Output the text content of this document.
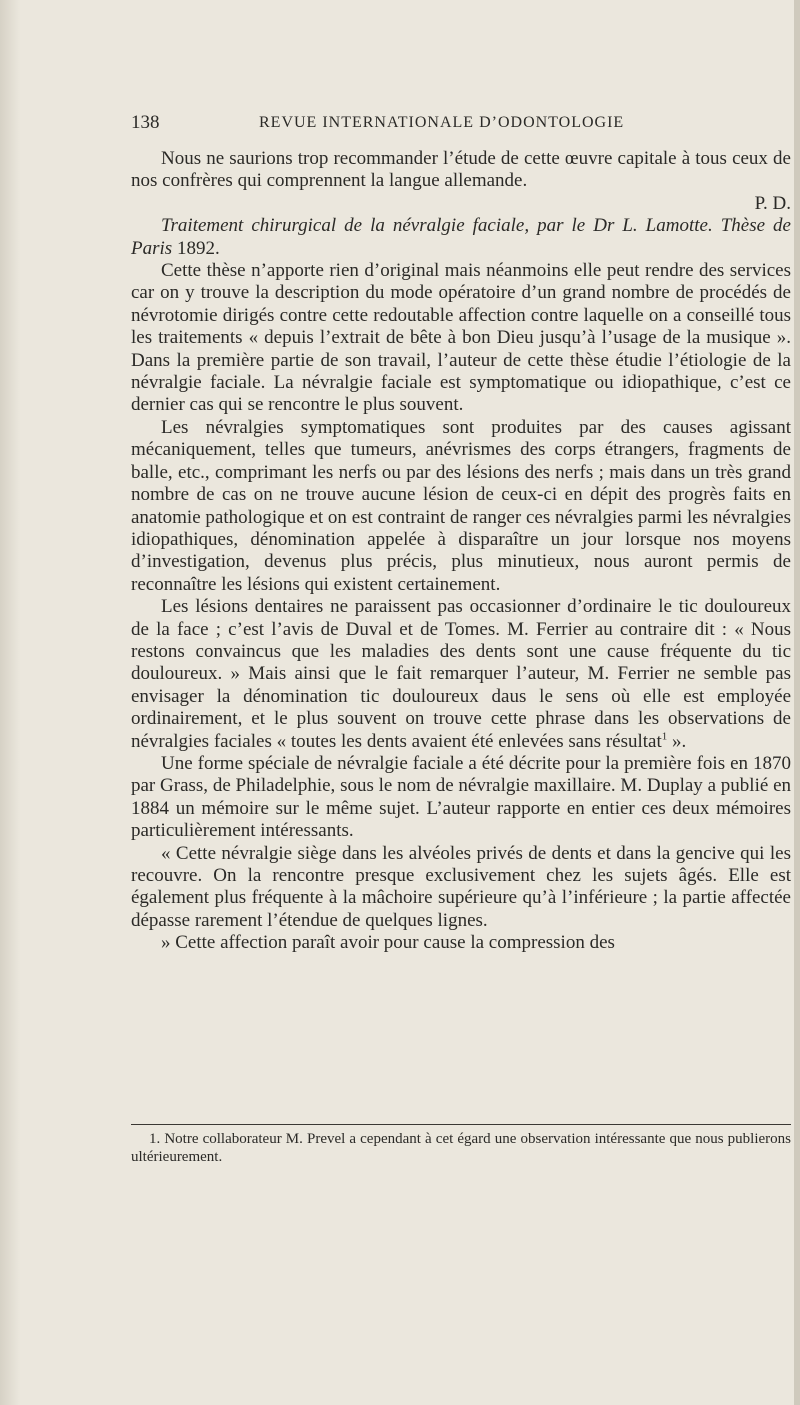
138	REVUE INTERNATIONALE D’ODONTOLOGIE

Nous ne saurions trop recommander l’étude de cette œuvre capitale à tous ceux de nos confrères qui comprennent la langue allemande.

P. D.

Traitement chirurgical de la névralgie faciale, par le Dr L. Lamotte. Thèse de Paris 1892.

Cette thèse n’apporte rien d’original mais néanmoins elle peut rendre des services car on y trouve la description du mode opératoire d’un grand nombre de procédés de névrotomie dirigés contre cette redoutable affection contre laquelle on a conseillé tous les traitements « depuis l’extrait de bête à bon Dieu jusqu’à l’usage de la musique ». Dans la première partie de son travail, l’auteur de cette thèse étudie l’étiologie de la névralgie faciale. La névralgie faciale est symptomatique ou idiopathique, c’est ce dernier cas qui se rencontre le plus souvent.

Les névralgies symptomatiques sont produites par des causes agissant mécaniquement, telles que tumeurs, anévrismes des corps étrangers, fragments de balle, etc., comprimant les nerfs ou par des lésions des nerfs ; mais dans un très grand nombre de cas on ne trouve aucune lésion de ceux-ci en dépit des progrès faits en anatomie pathologique et on est contraint de ranger ces névralgies parmi les névralgies idiopathiques, dénomination appelée à disparaître un jour lorsque nos moyens d’investigation, devenus plus précis, plus minutieux, nous auront permis de reconnaître les lésions qui existent certainement.

Les lésions dentaires ne paraissent pas occasionner d’ordinaire le tic douloureux de la face ; c’est l’avis de Duval et de Tomes. M. Ferrier au contraire dit : « Nous restons convaincus que les maladies des dents sont une cause fréquente du tic douloureux. » Mais ainsi que le fait remarquer l’auteur, M. Ferrier ne semble pas envisager la dénomination tic douloureux daus le sens où elle est employée ordinairement, et le plus souvent on trouve cette phrase dans les observations de névralgies faciales « toutes les dents avaient été enlevées sans résultat$^1$ ».

Une forme spéciale de névralgie faciale a été décrite pour la première fois en 1870 par Grass, de Philadelphie, sous le nom de névralgie maxillaire. M. Duplay a publié en 1884 un mémoire sur le même sujet. L’auteur rapporte en entier ces deux mémoires particulièrement intéressants.

« Cette névralgie siège dans les alvéoles privés de dents et dans la gencive qui les recouvre. On la rencontre presque exclusivement chez les sujets âgés. Elle est également plus fréquente à la mâchoire supérieure qu’à l’inférieure ; la partie affectée dépasse rarement l’étendue de quelques lignes.

» Cette affection paraît avoir pour cause la compression des

1. Notre collaborateur M. Prevel a cependant à cet égard une observation intéressante que nous publierons ultérieurement.
